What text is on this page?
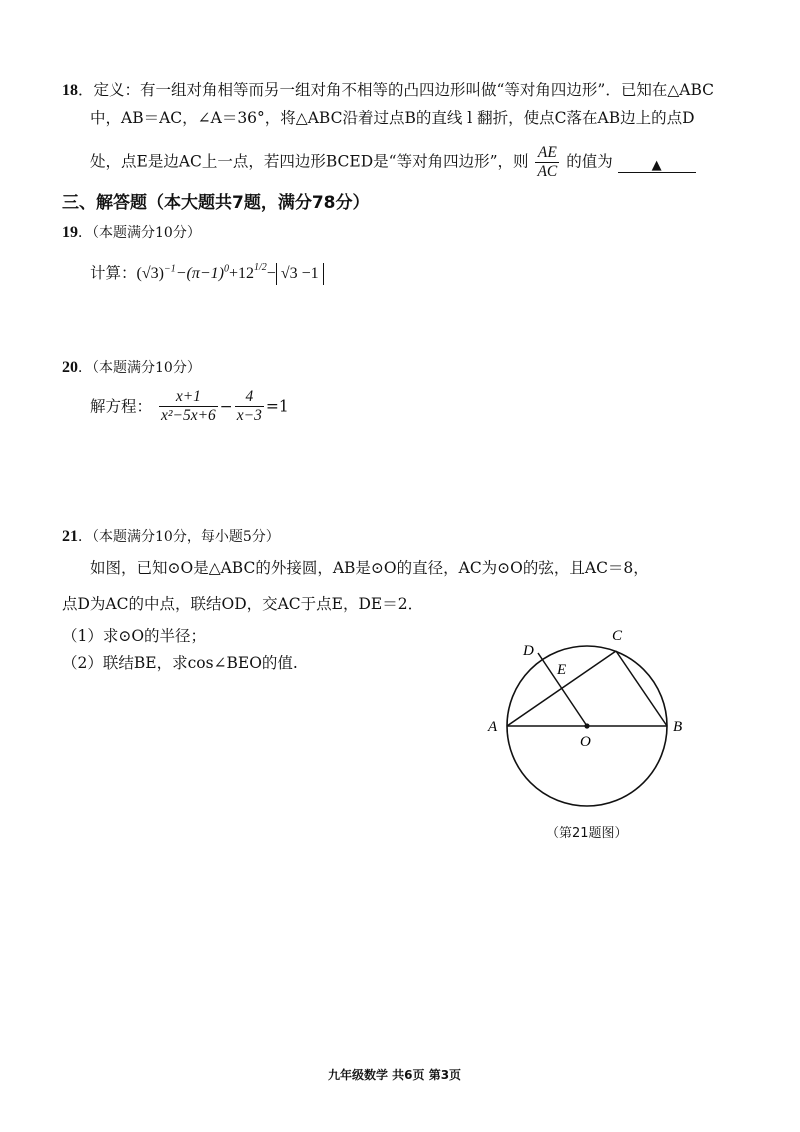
18．定义：有一组对角相等而另一组对角不相等的凸四边形叫做“等对角四边形”．已知在△ABC
中，AB＝AC，∠A＝36°，将△ABC沿着过点B的直线 l 翻折，使点C落在AB边上的点D
处，点E是边AC上一点，若四边形BCED是“等对角四边形”，则 $\frac{AE}{AC}$ 的值为	▲
三、解答题（本大题共7题，满分78分）
19．（本题满分10分）
计算：$(√3)^{-1}-(\pi-1)^0+12^{1/2}- √3 -1$
20．（本题满分10分）
解方程： $\frac{x+1}{\text{x²−5x+6}} - \frac{4}{x-3} =1$
21．（本题满分10分，每小题5分）
如图，已知⊙O是△ABC的外接圆，AB是⊙O的直径，AC为⊙O的弦，且AC＝8，
点D为AC的中点，联结OD，交AC于点E，DE＝2．
（1）求⊙O的半径；
（2）联结BE，求cos∠BEO的值.
A	B
C
D
E
O
（第21题图）
九年级数学 共6页 第3页
